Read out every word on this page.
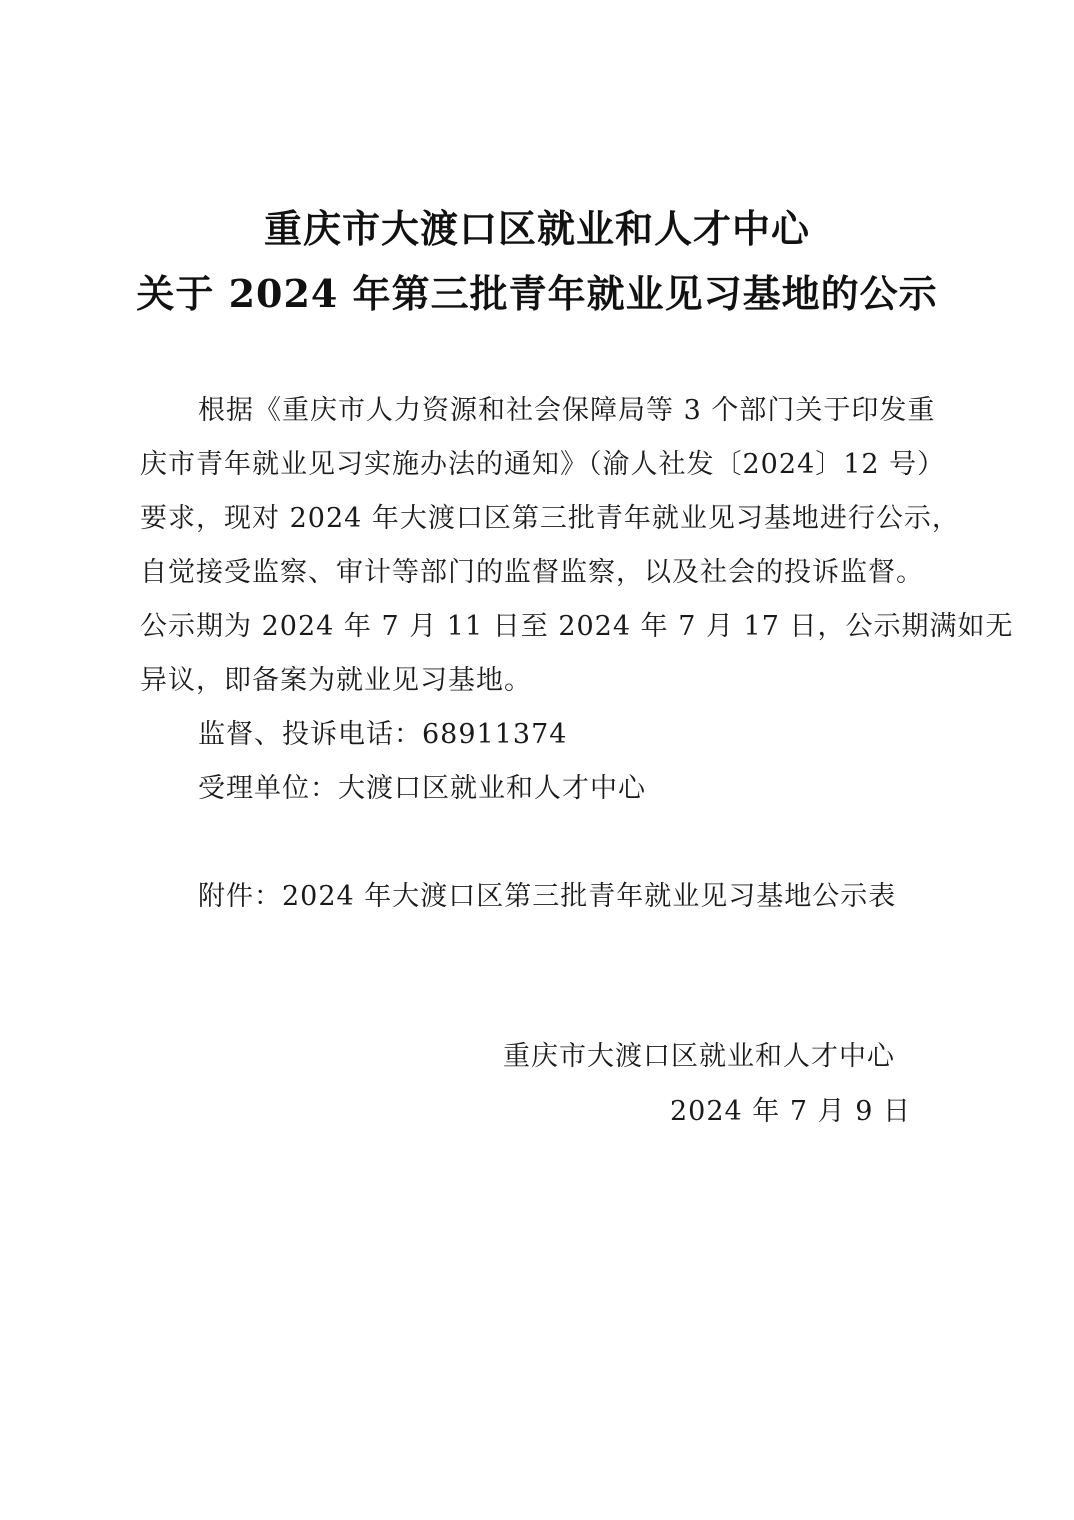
重庆市大渡口区就业和人才中心
关于 2024 年第三批青年就业见习基地的公示
根据《重庆市人力资源和社会保障局等 3 个部门关于印发重
庆市青年就业见习实施办法的通知》（渝人社发〔2024〕12 号）
要求，现对 2024 年大渡口区第三批青年就业见习基地进行公示，
自觉接受监察、审计等部门的监督监察，以及社会的投诉监督。
公示期为 2024 年 7 月 11 日至 2024 年 7 月 17 日，公示期满如无
异议，即备案为就业见习基地。
监督、投诉电话：68911374
受理单位：大渡口区就业和人才中心
附件：2024 年大渡口区第三批青年就业见习基地公示表
重庆市大渡口区就业和人才中心
2024 年 7 月 9 日
